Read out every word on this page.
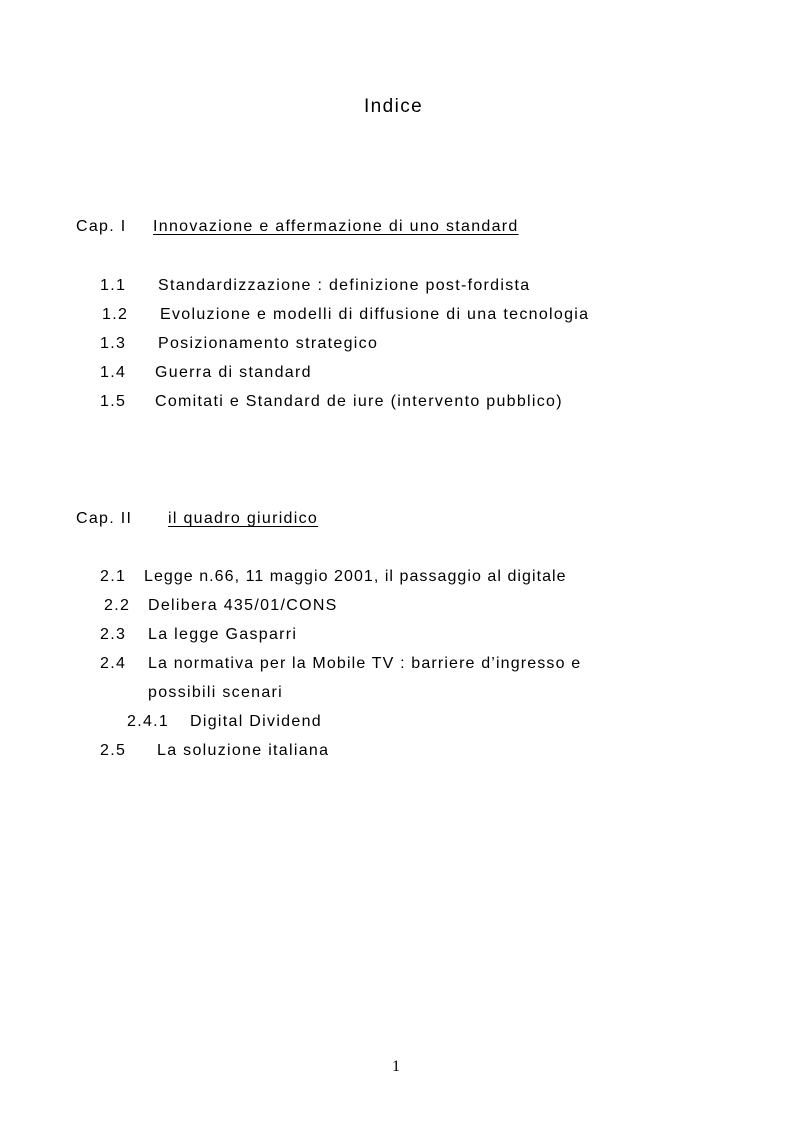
Indice
Cap. I Innovazione e affermazione di uno standard
1.1 Standardizzazione : definizione post-fordista
1.2 Evoluzione e modelli di diffusione di una tecnologia
1.3 Posizionamento strategico
1.4 Guerra di standard
1.5 Comitati e Standard de iure (intervento pubblico)
Cap. II il quadro giuridico
2.1 Legge n.66, 11 maggio 2001, il passaggio al digitale
2.2 Delibera 435/01/CONS
2.3 La legge Gasparri
2.4 La normativa per la Mobile TV : barriere d’ingresso e
possibili scenari
2.4.1 Digital Dividend
2.5 La soluzione italiana
1
